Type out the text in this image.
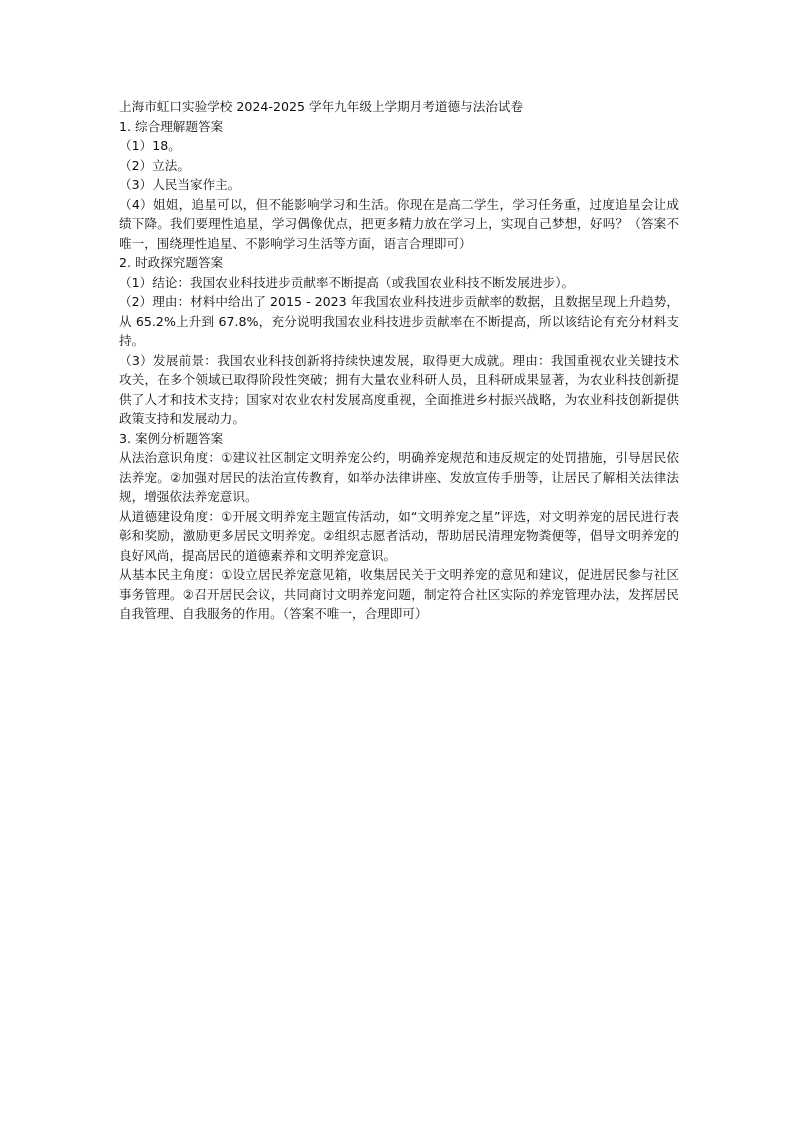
上海市虹口实验学校 2024-2025 学年九年级上学期月考道德与法治试卷
1. 综合理解题答案
（1）18。
（2）立法。
（3）人民当家作主。
（4）姐姐，追星可以，但不能影响学习和生活。你现在是高二学生，学习任务重，过度追星会让成绩下降。我们要理性追星，学习偶像优点，把更多精力放在学习上，实现自己梦想，好吗？（答案不唯一，围绕理性追星、不影响学习生活等方面，语言合理即可）
2. 时政探究题答案
（1）结论：我国农业科技进步贡献率不断提高（或我国农业科技不断发展进步）。
（2）理由：材料中给出了 2015 - 2023 年我国农业科技进步贡献率的数据，且数据呈现上升趋势，从 65.2%上升到 67.8%，充分说明我国农业科技进步贡献率在不断提高，所以该结论有充分材料支持。
（3）发展前景：我国农业科技创新将持续快速发展，取得更大成就。理由：我国重视农业关键技术攻关，在多个领域已取得阶段性突破；拥有大量农业科研人员，且科研成果显著，为农业科技创新提供了人才和技术支持；国家对农业农村发展高度重视，全面推进乡村振兴战略，为农业科技创新提供政策支持和发展动力。
3. 案例分析题答案
从法治意识角度：①建议社区制定文明养宠公约，明确养宠规范和违反规定的处罚措施，引导居民依法养宠。②加强对居民的法治宣传教育，如举办法律讲座、发放宣传手册等，让居民了解相关法律法规，增强依法养宠意识。
从道德建设角度：①开展文明养宠主题宣传活动，如“文明养宠之星”评选，对文明养宠的居民进行表彰和奖励，激励更多居民文明养宠。②组织志愿者活动，帮助居民清理宠物粪便等，倡导文明养宠的良好风尚，提高居民的道德素养和文明养宠意识。
从基本民主角度：①设立居民养宠意见箱，收集居民关于文明养宠的意见和建议，促进居民参与社区事务管理。②召开居民会议，共同商讨文明养宠问题，制定符合社区实际的养宠管理办法，发挥居民自我管理、自我服务的作用。（答案不唯一，合理即可）
